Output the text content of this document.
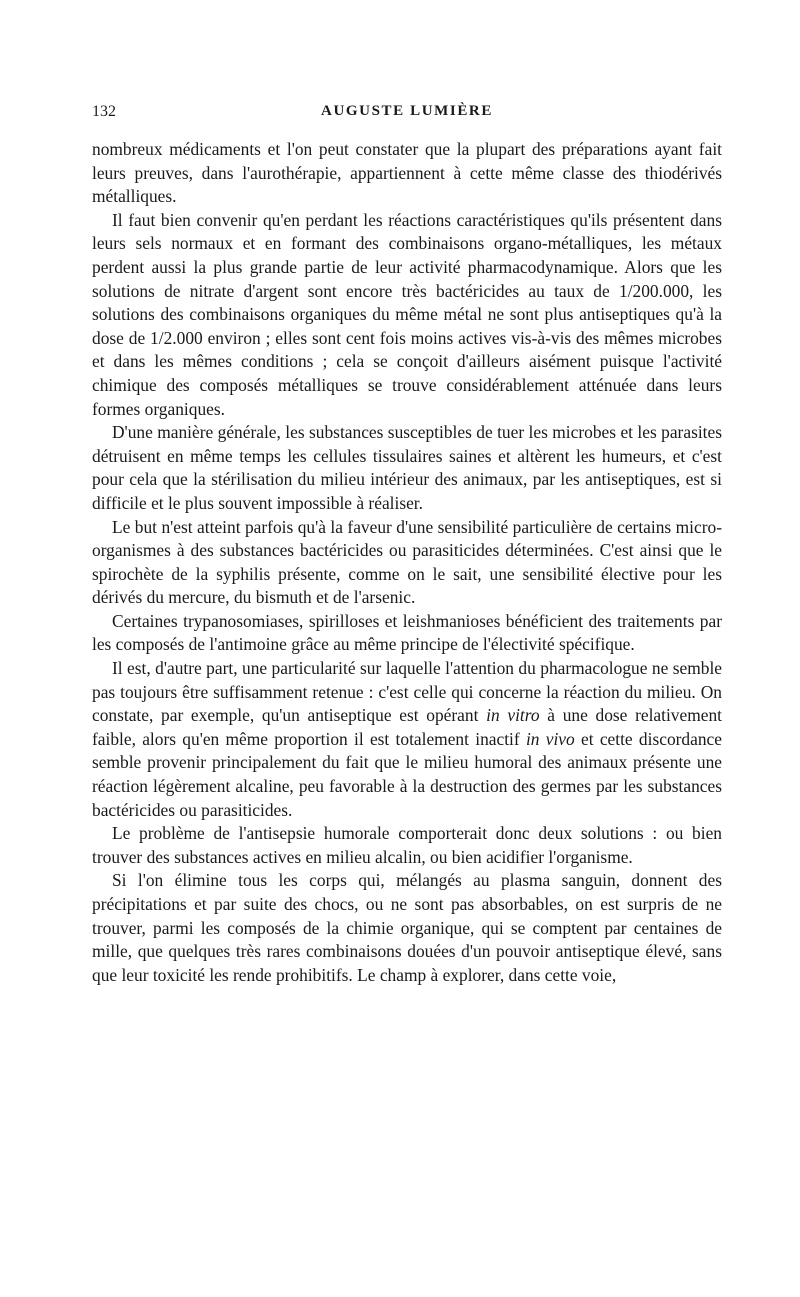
132	AUGUSTE LUMIÈRE

nombreux médicaments et l'on peut constater que la plupart des préparations ayant fait leurs preuves, dans l'aurothérapie, appartiennent à cette même classe des thiodérivés métalliques.

Il faut bien convenir qu'en perdant les réactions caractéristiques qu'ils présentent dans leurs sels normaux et en formant des combinaisons organo-métalliques, les métaux perdent aussi la plus grande partie de leur activité pharmacodynamique. Alors que les solutions de nitrate d'argent sont encore très bactéricides au taux de 1/200.000, les solutions des combinaisons organiques du même métal ne sont plus antiseptiques qu'à la dose de 1/2.000 environ ; elles sont cent fois moins actives vis-à-vis des mêmes microbes et dans les mêmes conditions ; cela se conçoit d'ailleurs aisément puisque l'activité chimique des composés métalliques se trouve considérablement atténuée dans leurs formes organiques.

D'une manière générale, les substances susceptibles de tuer les microbes et les parasites détruisent en même temps les cellules tissulaires saines et altèrent les humeurs, et c'est pour cela que la stérilisation du milieu intérieur des animaux, par les antiseptiques, est si difficile et le plus souvent impossible à réaliser.

Le but n'est atteint parfois qu'à la faveur d'une sensibilité particulière de certains micro-organismes à des substances bactéricides ou parasiticides déterminées. C'est ainsi que le spirochète de la syphilis présente, comme on le sait, une sensibilité élective pour les dérivés du mercure, du bismuth et de l'arsenic.

Certaines trypanosomiases, spirilloses et leishmanioses bénéficient des traitements par les composés de l'antimoine grâce au même principe de l'électivité spécifique.

Il est, d'autre part, une particularité sur laquelle l'attention du pharmacologue ne semble pas toujours être suffisamment retenue : c'est celle qui concerne la réaction du milieu. On constate, par exemple, qu'un antiseptique est opérant in vitro à une dose relativement faible, alors qu'en même proportion il est totalement inactif in vivo et cette discordance semble provenir principalement du fait que le milieu humoral des animaux présente une réaction légèrement alcaline, peu favorable à la destruction des germes par les substances bactéricides ou parasiticides.

Le problème de l'antisepsie humorale comporterait donc deux solutions : ou bien trouver des substances actives en milieu alcalin, ou bien acidifier l'organisme.

Si l'on élimine tous les corps qui, mélangés au plasma sanguin, donnent des précipitations et par suite des chocs, ou ne sont pas absorbables, on est surpris de ne trouver, parmi les composés de la chimie organique, qui se comptent par centaines de mille, que quelques très rares combinaisons douées d'un pouvoir antiseptique élevé, sans que leur toxicité les rende prohibitifs. Le champ à explorer, dans cette voie,
